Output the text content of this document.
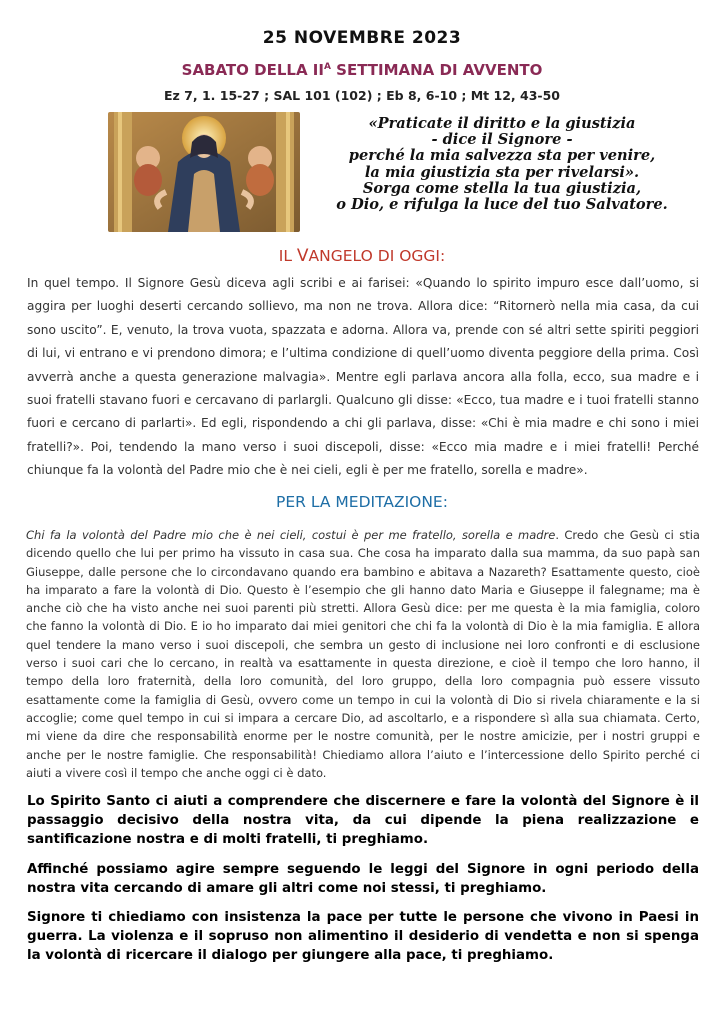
25 NOVEMBRE 2023
SABATO DELLA $II^A$ SETTIMANA DI AVVENTO
Ez 7, 1. 15-27 ; SAL 101 (102) ; Eb 8, 6-10 ; Mt 12, 43-50
«Praticate il diritto e la giustizia
- dice il Signore -
perché la mia salvezza sta per venire,
la mia giustizia sta per rivelarsi».
Sorga come stella la tua giustizia,
o Dio, e rifulga la luce del tuo Salvatore.
IL VANGELO DI OGGI:
In quel tempo. Il Signore Gesù diceva agli scribi e ai farisei: «Quando lo spirito impuro esce dall’uomo, si aggira per luoghi deserti cercando sollievo, ma non ne trova. Allora dice: “Ritornerò nella mia casa, da cui sono uscito”. E, venuto, la trova vuota, spazzata e adorna. Allora va, prende con sé altri sette spiriti peggiori di lui, vi entrano e vi prendono dimora; e l’ultima condizione di quell’uomo diventa peggiore della prima. Così avverrà anche a questa generazione malvagia». Mentre egli parlava ancora alla folla, ecco, sua madre e i suoi fratelli stavano fuori e cercavano di parlargli. Qualcuno gli disse: «Ecco, tua madre e i tuoi fratelli stanno fuori e cercano di parlarti». Ed egli, rispondendo a chi gli parlava, disse: «Chi è mia madre e chi sono i miei fratelli?». Poi, tendendo la mano verso i suoi discepoli, disse: «Ecco mia madre e i miei fratelli! Perché chiunque fa la volontà del Padre mio che è nei cieli, egli è per me fratello, sorella e madre».
PER LA MEDITAZIONE:
Chi fa la volontà del Padre mio che è nei cieli, costui è per me fratello, sorella e madre. Credo che Gesù ci stia dicendo quello che lui per primo ha vissuto in casa sua. Che cosa ha imparato dalla sua mamma, da suo papà san Giuseppe, dalle persone che lo circondavano quando era bambino e abitava a Nazareth? Esattamente questo, cioè ha imparato a fare la volontà di Dio. Questo è l’esempio che gli hanno dato Maria e Giuseppe il falegname; ma è anche ciò che ha visto anche nei suoi parenti più stretti. Allora Gesù dice: per me questa è la mia famiglia, coloro che fanno la volontà di Dio. E io ho imparato dai miei genitori che chi fa la volontà di Dio è la mia famiglia. E allora quel tendere la mano verso i suoi discepoli, che sembra un gesto di inclusione nei loro confronti e di esclusione verso i suoi cari che lo cercano, in realtà va esattamente in questa direzione, e cioè il tempo che loro hanno, il tempo della loro fraternità, della loro comunità, del loro gruppo, della loro compagnia può essere vissuto esattamente come la famiglia di Gesù, ovvero come un tempo in cui la volontà di Dio si rivela chiaramente e la si accoglie; come quel tempo in cui si impara a cercare Dio, ad ascoltarlo, e a rispondere sì alla sua chiamata. Certo, mi viene da dire che responsabilità enorme per le nostre comunità, per le nostre amicizie, per i nostri gruppi e anche per le nostre famiglie. Che responsabilità! Chiediamo allora l’aiuto e l’intercessione dello Spirito perché ci aiuti a vivere così il tempo che anche oggi ci è dato.

Lo Spirito Santo ci aiuti a comprendere che discernere e fare la volontà del Signore è il passaggio decisivo della nostra vita, da cui dipende la piena realizzazione e santificazione nostra e di molti fratelli, ti preghiamo.

Affinché possiamo agire sempre seguendo le leggi del Signore in ogni periodo della nostra vita cercando di amare gli altri come noi stessi, ti preghiamo.

Signore ti chiediamo con insistenza la pace per tutte le persone che vivono in Paesi in guerra. La violenza e il sopruso non alimentino il desiderio di vendetta e non si spenga la volontà di ricercare il dialogo per giungere alla pace, ti preghiamo.
